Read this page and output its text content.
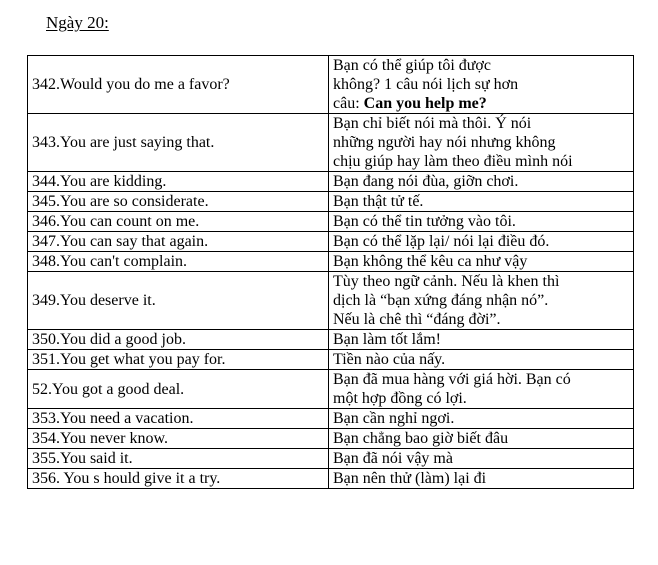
Ngày 20:
342.Would you do me a favor?	Bạn có thể giúp tôi được
không? 1 câu nói lịch sự hơn
câu: Can you help me?

343.You are just saying that.	Bạn chỉ biết nói mà thôi. Ý nói
những người hay nói nhưng không
chịu giúp hay làm theo điều mình nói

344.You are kidding.	Bạn đang nói đùa, giỡn chơi.
345.You are so considerate.	Bạn thật tử tế.
346.You can count on me.	Bạn có thể tin tưởng vào tôi.
347.You can say that again.	Bạn có thể lặp lại/ nói lại điều đó.
348.You can't complain.	Bạn không thể kêu ca như vậy
349.You deserve it.	Tùy theo ngữ cảnh. Nếu là khen thì
dịch là “bạn xứng đáng nhận nó”.
Nếu là chê thì “đáng đời”.

350.You did a good job.	Bạn làm tốt lắm!
351.You get what you pay for.	Tiền nào của nấy.
52.You got a good deal.	Bạn đã mua hàng với giá hời. Bạn có
một hợp đồng có lợi.

353.You need a vacation.	Bạn cần nghỉ ngơi.
354.You never know.	Bạn chẳng bao giờ biết đâu
355.You said it.	Bạn đã nói vậy mà
356. You s hould give it a try.	Bạn nên thử (làm) lại đi
